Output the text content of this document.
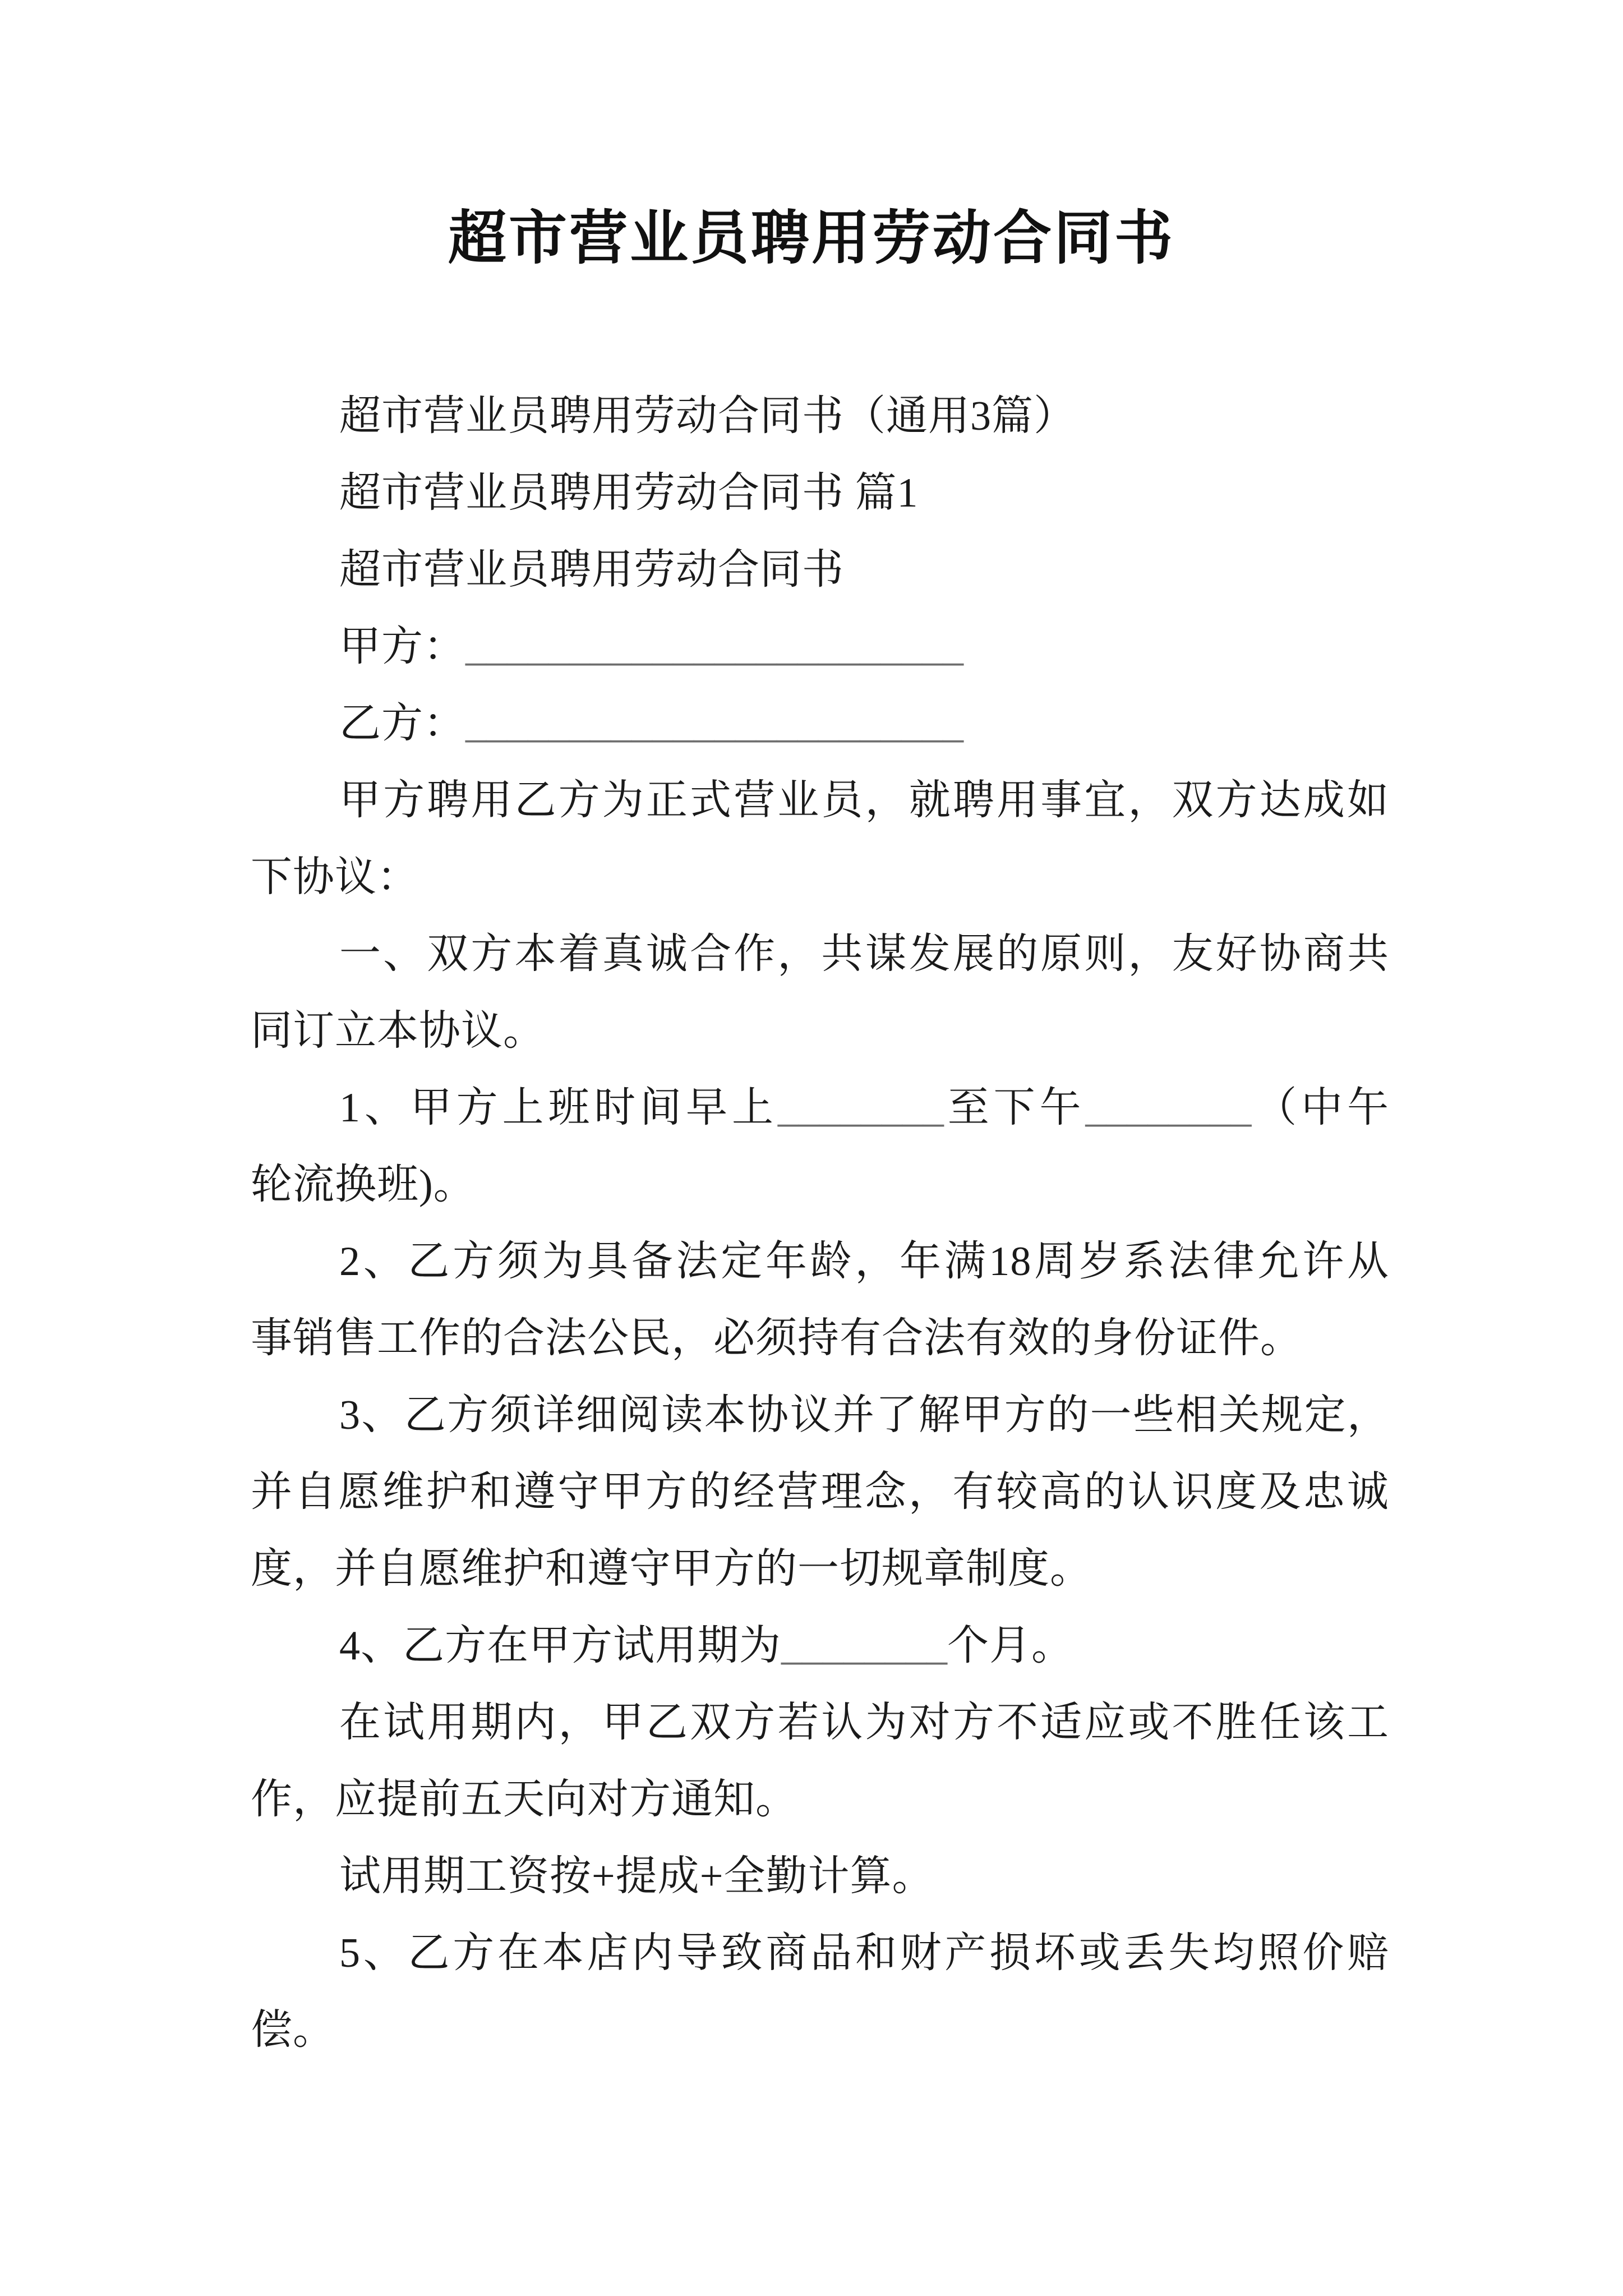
超市营业员聘用劳动合同书
超市营业员聘用劳动合同书（通用3篇）
超市营业员聘用劳动合同书 篇1
超市营业员聘用劳动合同书
甲方：________________________
乙方：________________________
甲方聘用乙方为正式营业员，就聘用事宜，双方达成如
下协议：
一、双方本着真诚合作，共谋发展的原则，友好协商共
同订立本协议。
1、甲方上班时间早上________至下午________（中午
轮流换班)。
2、乙方须为具备法定年龄，年满18周岁系法律允许从
事销售工作的合法公民，必须持有合法有效的身份证件。
3、乙方须详细阅读本协议并了解甲方的一些相关规定，
并自愿维护和遵守甲方的经营理念，有较高的认识度及忠诚
度，并自愿维护和遵守甲方的一切规章制度。
4、乙方在甲方试用期为________个月。
在试用期内，甲乙双方若认为对方不适应或不胜任该工
作，应提前五天向对方通知。
试用期工资按+提成+全勤计算。
5、乙方在本店内导致商品和财产损坏或丢失均照价赔
偿。
